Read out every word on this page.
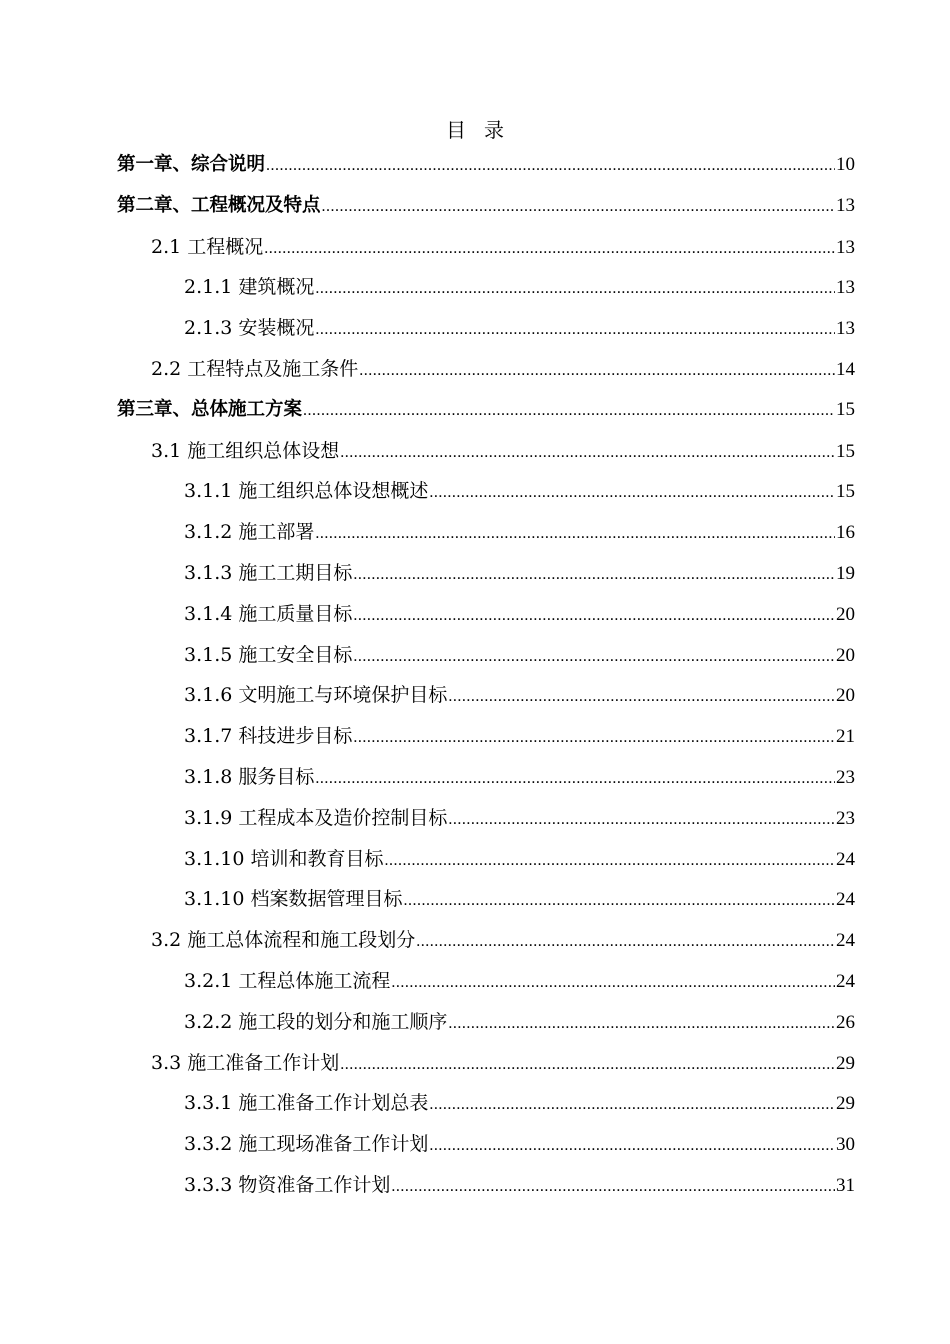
目录
第一章、综合说明 .....	10
第二章、工程概况及特点 .....	13
2.1 工程概况 .....	13
2.1.1 建筑概况 .....	13
2.1.3 安装概况 .....	13
2.2 工程特点及施工条件 .....	14
第三章、总体施工方案 .....	15
3.1 施工组织总体设想 .....	15
3.1.1 施工组织总体设想概述 .....	15
3.1.2 施工部署 .....	16
3.1.3 施工工期目标 .....	19
3.1.4 施工质量目标 .....	20
3.1.5 施工安全目标 .....	20
3.1.6 文明施工与环境保护目标 .....	20
3.1.7 科技进步目标 .....	21
3.1.8 服务目标 .....	23
3.1.9 工程成本及造价控制目标 .....	23
3.1.10 培训和教育目标 .....	24
3.1.10 档案数据管理目标 .....	24
3.2 施工总体流程和施工段划分 .....	24
3.2.1 工程总体施工流程 .....	24
3.2.2 施工段的划分和施工顺序 .....	26
3.3 施工准备工作计划 .....	29
3.3.1 施工准备工作计划总表 .....	29
3.3.2 施工现场准备工作计划 .....	30
3.3.3 物资准备工作计划 .....	31
